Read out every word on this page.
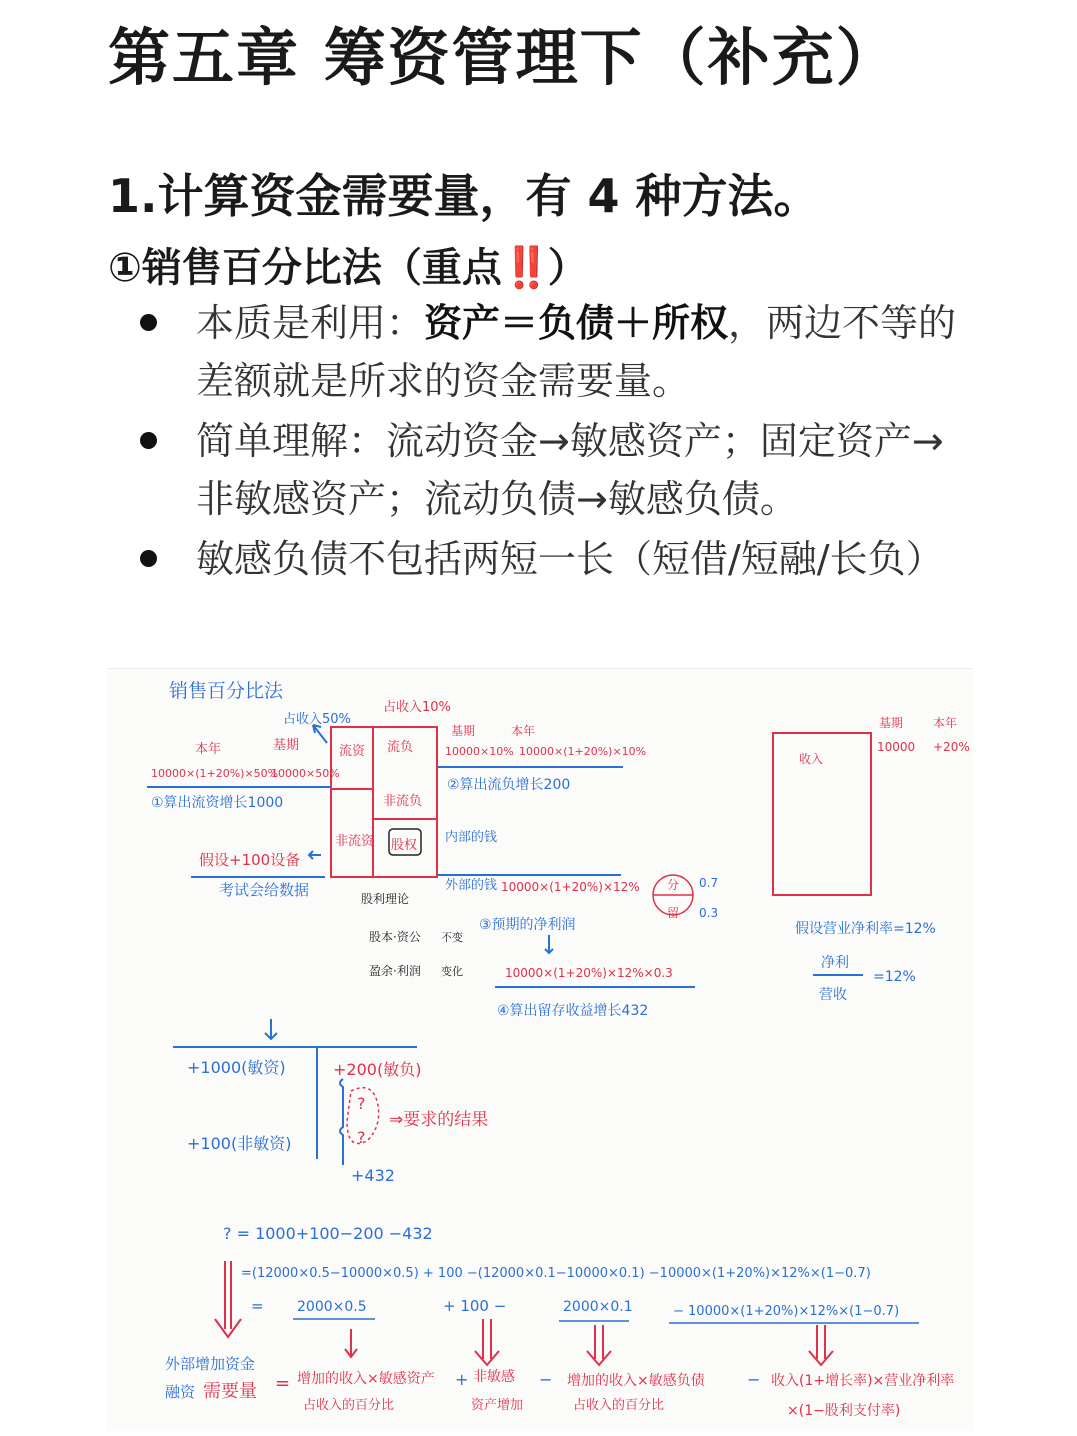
第五章 筹资管理下（补充）
1.计算资金需要量，有 4 种方法。
①销售百分比法（重点‼️）
本质是利用：资产＝负债＋所权，两边不等的差额就是所求的资金需要量。
简单理解：流动资金→敏感资产；固定资产→非敏感资产；流动负债→敏感负债。
敏感负债不包括两短一长（短借/短融/长负）
销售百分比法
占收入50%
本年	基期
10000×(1+20%)×50%
10000×50%
①算出流资增长1000
占收入10%
基期	本年
10000×10% 10000×(1+20%)×10%
②算出流负增长200
假设+100设备
考试会给数据
内部的钱
外部的钱 10000×(1+20%)×12%
③预期的净利润
10000×(1+20%)×12%×0.3
④算出留存收益增长432
股利理论
股本·资公 不变
盈余·利润 变化
分
留
0.7
0.3
基期 本年
10000 +20%
收入
假设营业净利率=12%
净利
营收
=12%
+1000(敏资)
+100(非敏资)
+200(敏负)
?
?
+432
⇒要求的结果
? = 1000+100−200 −432
=(12000×0.5−10000×0.5) + 100 −(12000×0.1−10000×0.1) −10000×(1+20%)×12%×(1−0.7)
= 2000×0.5	+ 100 −	2000×0.1	− 10000×(1+20%)×12%×(1−0.7)
外部增加资金
融资 需要量 = 增加的收入×敏感资产
占收入的百分比
+ 非敏感
资产增加
− 增加的收入×敏感负债
占收入的百分比
− 收入(1+增长率)×营业净利率
×(1−股利支付率)
流资 流负
非流负
非流资 股权
